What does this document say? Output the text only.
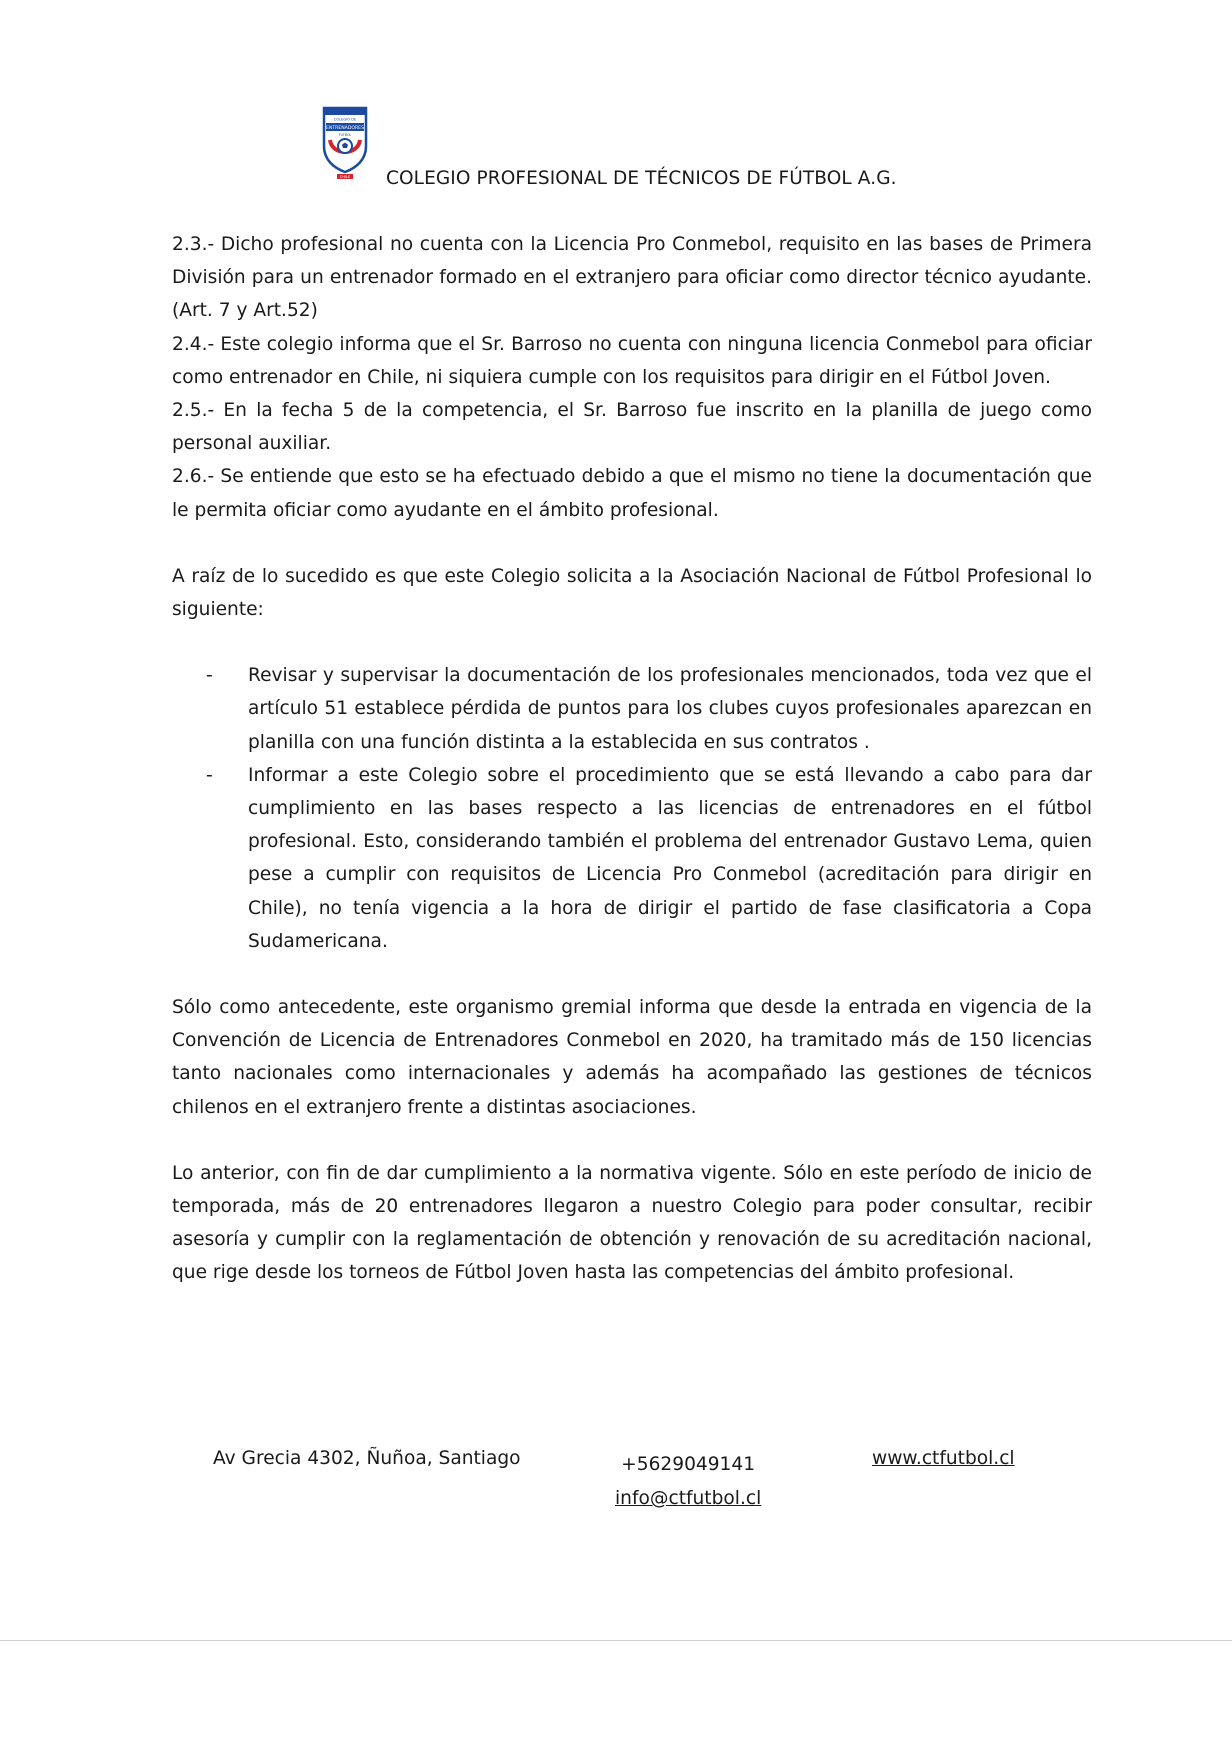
COLEGIO DE
ENTRENADORES
FUTBOL
CHILE COLEGIO PROFESIONAL DE TÉCNICOS DE FÚTBOL A.G.

2.3.- Dicho profesional no cuenta con la Licencia Pro Conmebol, requisito en las bases de Primera División para un entrenador formado en el extranjero para oficiar como director técnico ayudante. (Art. 7 y Art.52)

2.4.- Este colegio informa que el Sr. Barroso no cuenta con ninguna licencia Conmebol para oficiar como entrenador en Chile, ni siquiera cumple con los requisitos para dirigir en el Fútbol Joven.

2.5.- En la fecha 5 de la competencia, el Sr. Barroso fue inscrito en la planilla de juego como personal auxiliar.

2.6.- Se entiende que esto se ha efectuado debido a que el mismo no tiene la documentación que le permita oficiar como ayudante en el ámbito profesional.

A raíz de lo sucedido es que este Colegio solicita a la Asociación Nacional de Fútbol Profesional lo siguiente:

- Revisar y supervisar la documentación de los profesionales mencionados, toda vez que el artículo 51 establece pérdida de puntos para los clubes cuyos profesionales aparezcan en planilla con una función distinta a la establecida en sus contratos .
- Informar a este Colegio sobre el procedimiento que se está llevando a cabo para dar cumplimiento en las bases respecto a las licencias de entrenadores en el fútbol profesional. Esto, considerando también el problema del entrenador Gustavo Lema, quien pese a cumplir con requisitos de Licencia Pro Conmebol (acreditación para dirigir en Chile), no tenía vigencia a la hora de dirigir el partido de fase clasificatoria a Copa Sudamericana.

Sólo como antecedente, este organismo gremial informa que desde la entrada en vigencia de la Convención de Licencia de Entrenadores Conmebol en 2020, ha tramitado más de 150 licencias tanto nacionales como internacionales y además ha acompañado las gestiones de técnicos chilenos en el extranjero frente a distintas asociaciones.

Lo anterior, con fin de dar cumplimiento a la normativa vigente. Sólo en este período de inicio de temporada, más de 20 entrenadores llegaron a nuestro Colegio para poder consultar, recibir asesoría y cumplir con la reglamentación de obtención y renovación de su acreditación nacional, que rige desde los torneos de Fútbol Joven hasta las competencias del ámbito profesional.

Av Grecia 4302, Ñuñoa, Santiago	+5629049141
info@ctfutbol.cl
www.ctfutbol.cl
